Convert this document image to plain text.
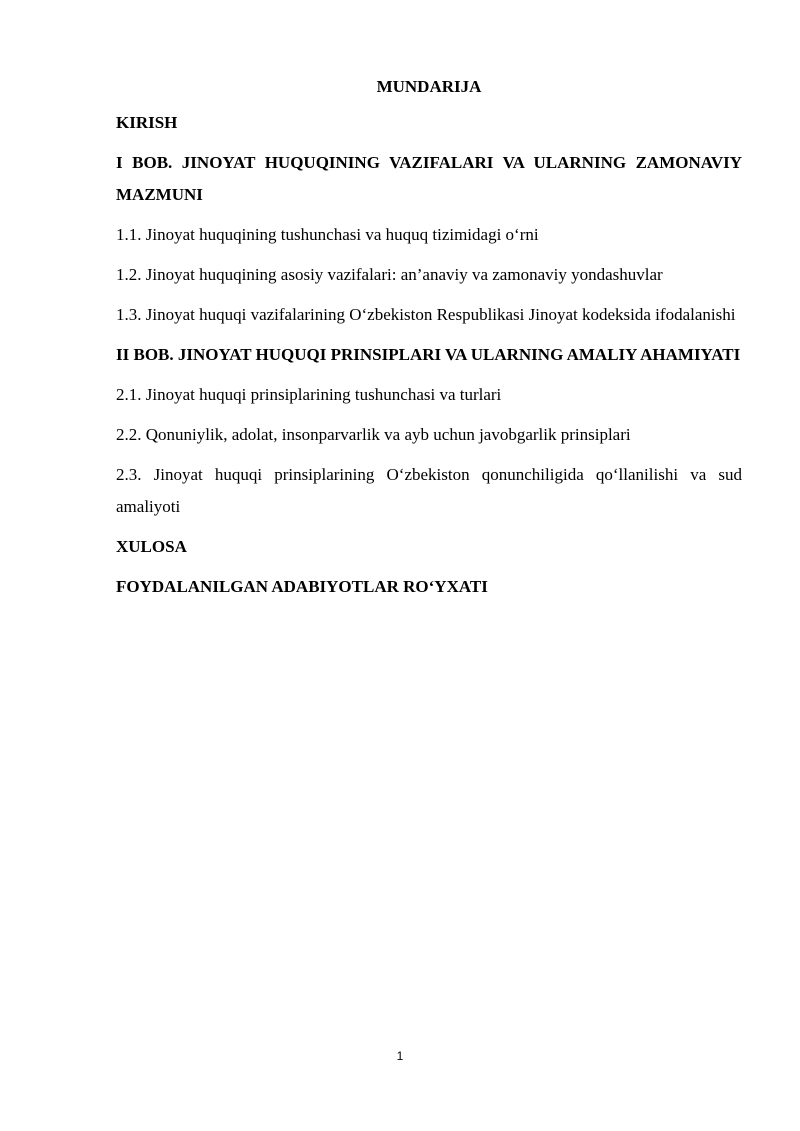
MUNDARIJA
KIRISH
I BOB. JINOYAT HUQUQINING VAZIFALARI VA ULARNING ZAMONAVIY MAZMUNI
1.1. Jinoyat huquqining tushunchasi va huquq tizimidagi o‘rni
1.2. Jinoyat huquqining asosiy vazifalari: an’anaviy va zamonaviy yondashuvlar
1.3. Jinoyat huquqi vazifalarining O‘zbekiston Respublikasi Jinoyat kodeksida ifodalanishi
II BOB. JINOYAT HUQUQI PRINSIPLARI VA ULARNING AMALIY AHAMIYATI
2.1. Jinoyat huquqi prinsiplarining tushunchasi va turlari
2.2. Qonuniylik, adolat, insonparvarlik va ayb uchun javobgarlik prinsiplari
2.3. Jinoyat huquqi prinsiplarining O‘zbekiston qonunchiligida qo‘llanilishi va sud amaliyoti
XULOSA
FOYDALANILGAN ADABIYOTLAR RO‘YXATI
1
